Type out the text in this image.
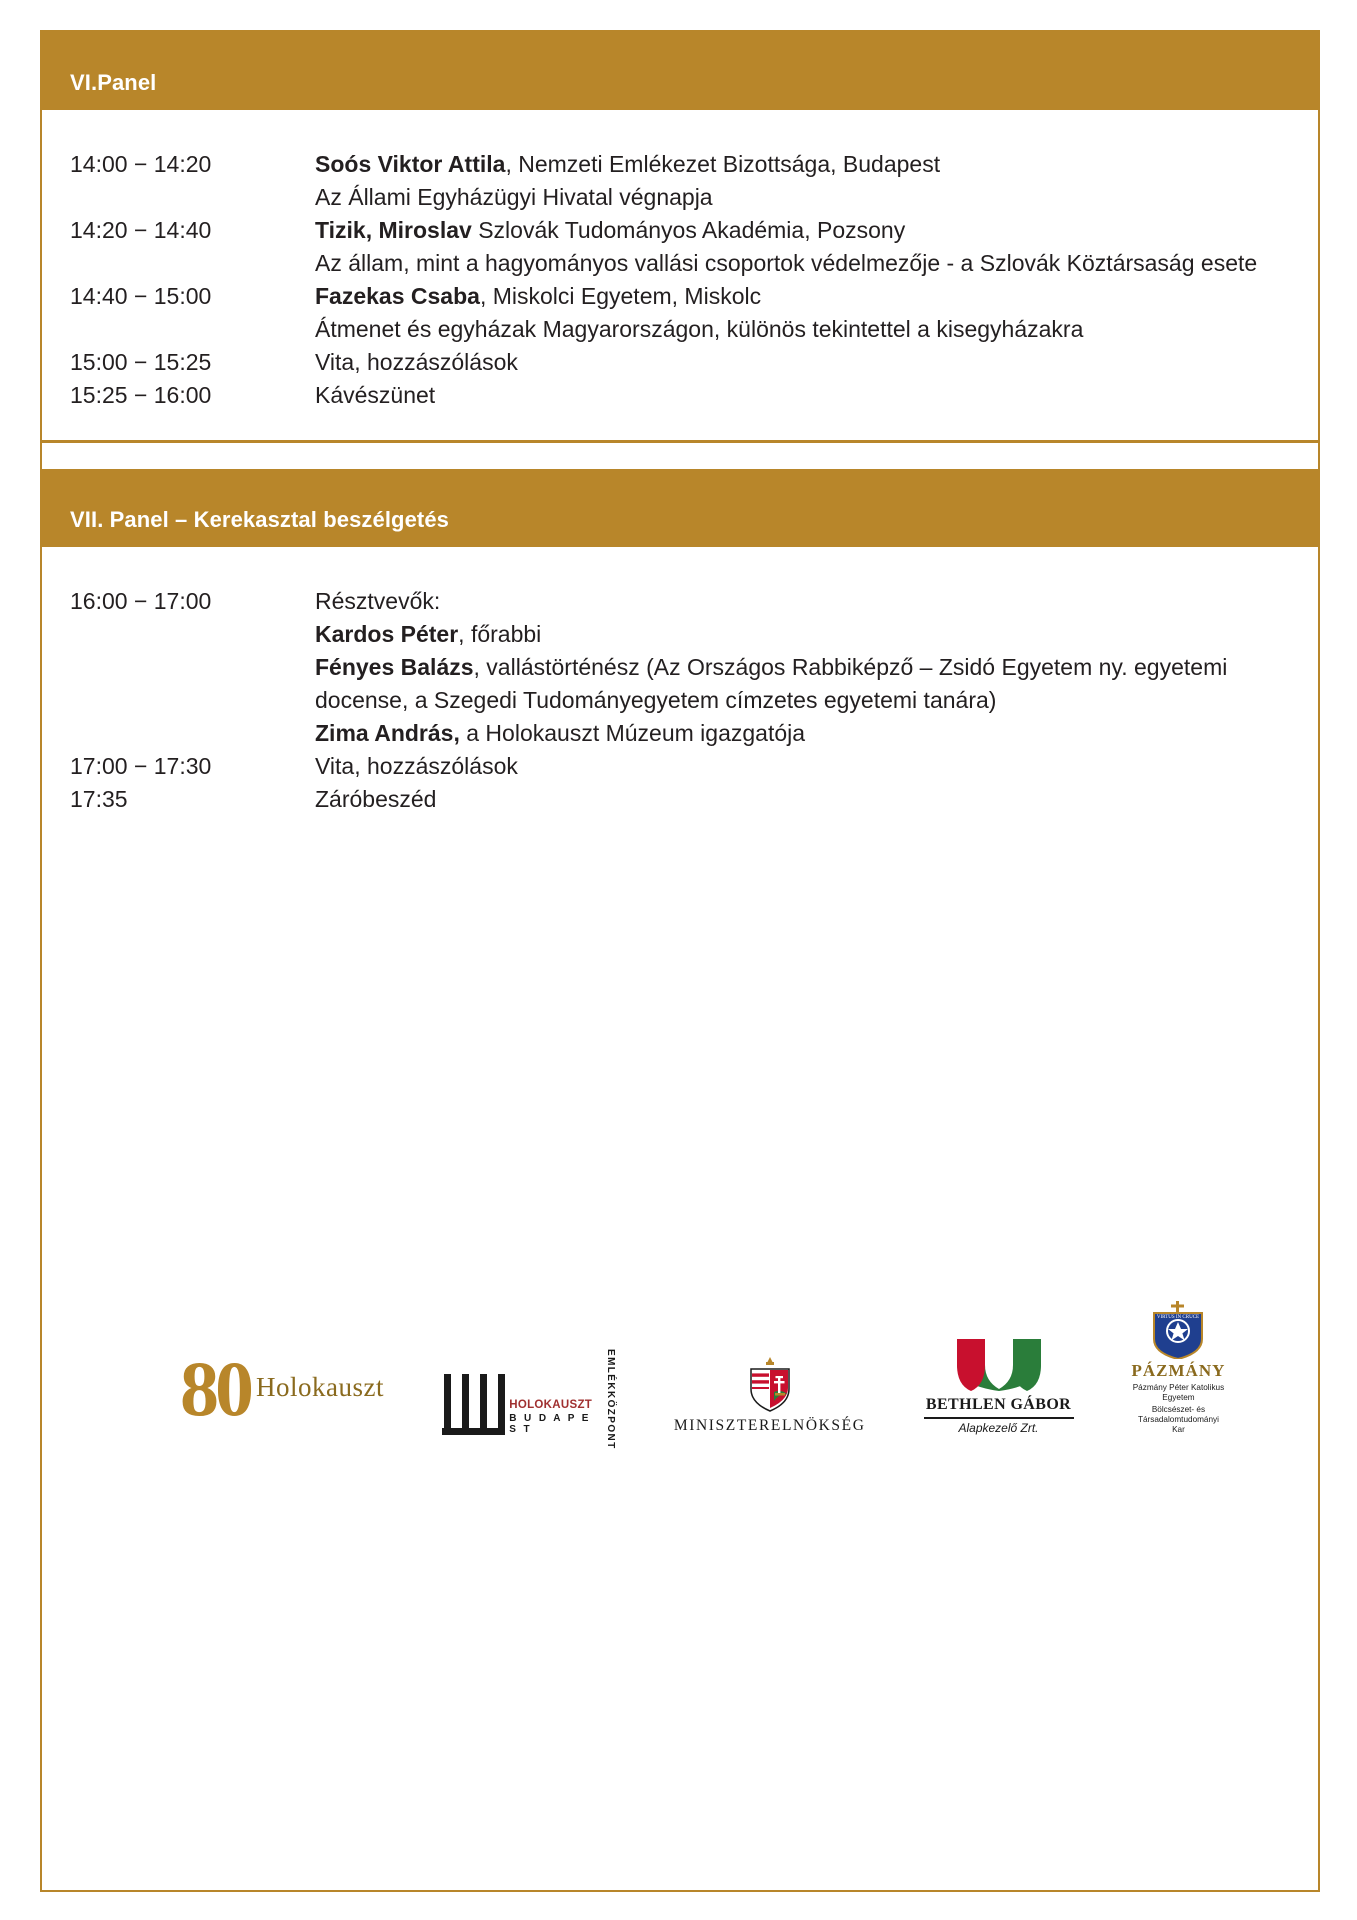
VI.Panel
14:00 − 14:20	Soós Viktor Attila, Nemzeti Emlékezet Bizottsága, Budapest
Az Állami Egyházügyi Hivatal végnapja
14:20 − 14:40	Tizik, Miroslav Szlovák Tudományos Akadémia, Pozsony
Az állam, mint a hagyományos vallási csoportok védelmezője - a Szlovák Köztársaság esete
14:40 − 15:00	Fazekas Csaba, Miskolci Egyetem, Miskolc
Átmenet és egyházak Magyarországon, különös tekintettel a kisegyházakra
15:00 − 15:25	Vita, hozzászólások
15:25 − 16:00	Kávészünet
VII. Panel – Kerekasztal beszélgetés
16:00 − 17:00	Résztvevők:
Kardos Péter, főrabbi
Fényes Balázs, vallástörténész (Az Országos Rabbiképző – Zsidó Egyetem ny. egyetemi docense, a Szegedi Tudományegyetem címzetes egyetemi tanára)
Zima András, a Holokauszt Múzeum igazgatója
17:00 − 17:30	Vita, hozzászólások
17:35	Záróbeszéd
80 Holokauszt
HOLOKAUSZT
B U D A P E S T	EMLÉKKÖZPONT	MINISZTERELNÖKSÉG
BETHLEN GÁBOR
Alapkezelő Zrt.
VIRTUS IN CRUCE
PÁZMÁNY
Pázmány Péter Katolikus Egyetem
Bölcsészet- és Társadalomtudományi Kar
